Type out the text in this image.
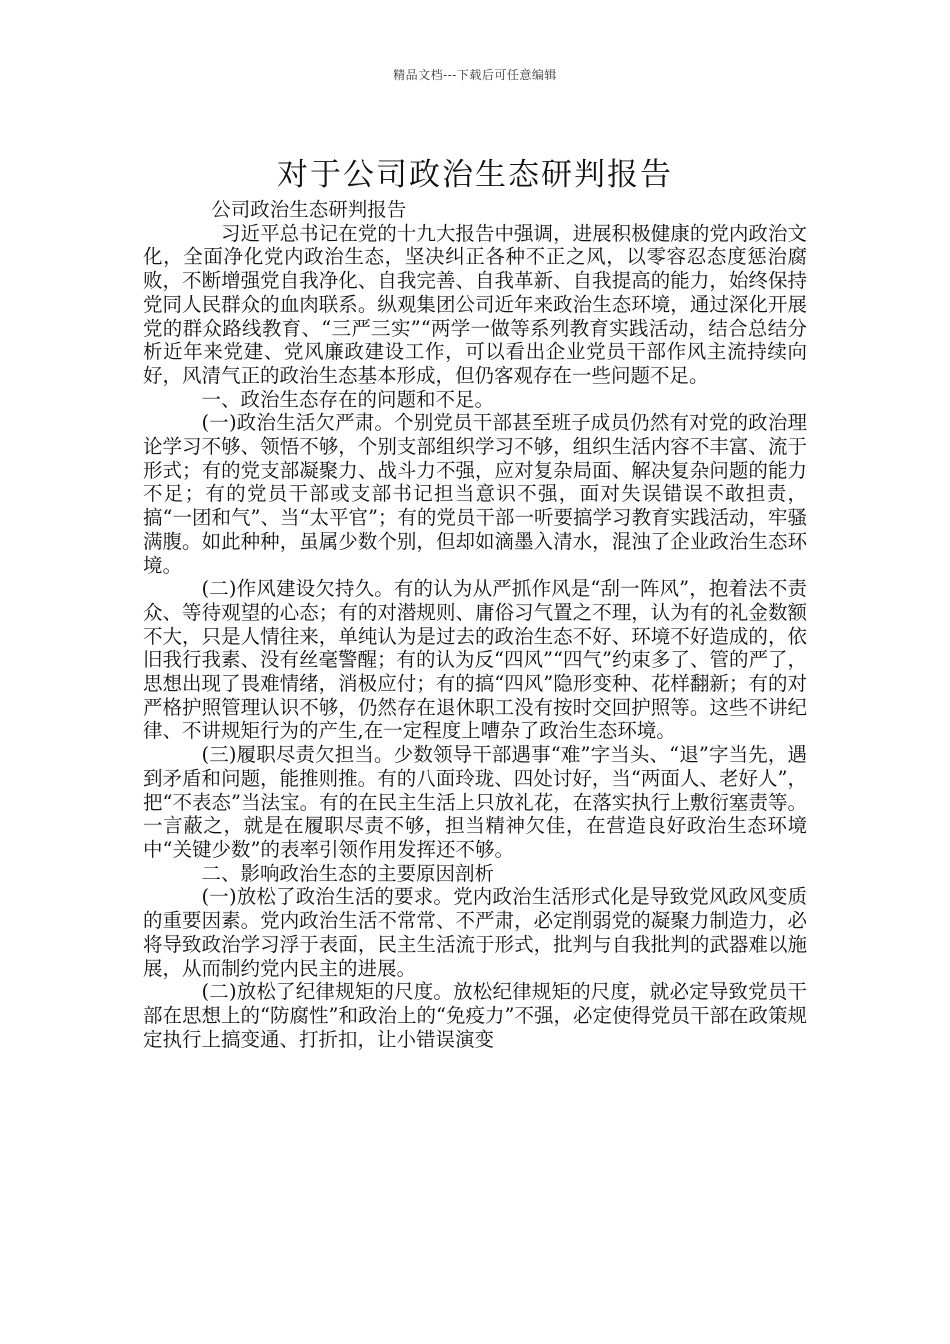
精品文档---下载后可任意编辑
对于公司政治生态研判报告

公司政治生态研判报告

习近平总书记在党的十九大报告中强调，进展积极健康的党内政治文化，全面净化党内政治生态，坚决纠正各种不正之风，以零容忍态度惩治腐败，不断增强党自我净化、自我完善、自我革新、自我提高的能力，始终保持党同人民群众的血肉联系。纵观集团公司近年来政治生态环境，通过深化开展党的群众路线教育、“三严三实”“两学一做等系列教育实践活动，结合总结分析近年来党建、党风廉政建设工作，可以看出企业党员干部作风主流持续向好，风清气正的政治生态基本形成，但仍客观存在一些问题不足。

一、政治生态存在的问题和不足。

(一)政治生活欠严肃。个别党员干部甚至班子成员仍然有对党的政治理论学习不够、领悟不够，个别支部组织学习不够，组织生活内容不丰富、流于形式；有的党支部凝聚力、战斗力不强，应对复杂局面、解决复杂问题的能力不足；有的党员干部或支部书记担当意识不强，面对失误错误不敢担责，搞“一团和气”、当“太平官”；有的党员干部一听要搞学习教育实践活动，牢骚满腹。如此种种，虽属少数个别，但却如滴墨入清水，混浊了企业政治生态环境。

(二)作风建设欠持久。有的认为从严抓作风是“刮一阵风”，抱着法不责众、等待观望的心态；有的对潜规则、庸俗习气置之不理，认为有的礼金数额不大，只是人情往来，单纯认为是过去的政治生态不好、环境不好造成的，依旧我行我素、没有丝毫警醒；有的认为反“四风”“四气”约束多了、管的严了，思想出现了畏难情绪，消极应付；有的搞“四风”隐形变种、花样翻新；有的对严格护照管理认识不够，仍然存在退休职工没有按时交回护照等。这些不讲纪律、不讲规矩行为的产生,在一定程度上嘈杂了政治生态环境。

(三)履职尽责欠担当。少数领导干部遇事“难”字当头、“退”字当先，遇到矛盾和问题，能推则推。有的八面玲珑、四处讨好，当“两面人、老好人”，把“不表态”当法宝。有的在民主生活上只放礼花，在落实执行上敷衍塞责等。一言蔽之，就是在履职尽责不够，担当精神欠佳，在营造良好政治生态环境中“关键少数”的表率引领作用发挥还不够。

二、影响政治生态的主要原因剖析

(一)放松了政治生活的要求。党内政治生活形式化是导致党风政风变质的重要因素。党内政治生活不常常、不严肃，必定削弱党的凝聚力制造力，必将导致政治学习浮于表面，民主生活流于形式，批判与自我批判的武器难以施展，从而制约党内民主的进展。

(二)放松了纪律规矩的尺度。放松纪律规矩的尺度，就必定导致党员干部在思想上的“防腐性”和政治上的“免疫力”不强，必定使得党员干部在政策规定执行上搞变通、打折扣，让小错误演变
